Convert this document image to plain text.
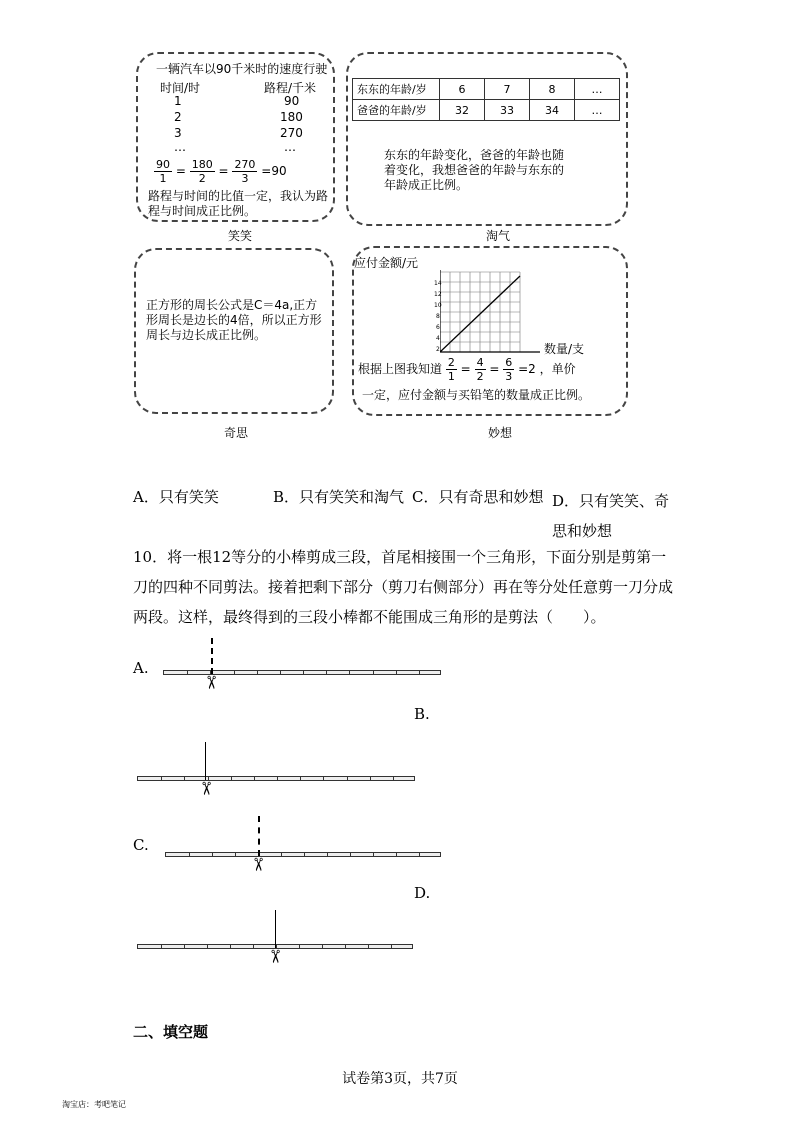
一辆汽车以90千米时的速度行驶
时间/时	路程/千米
1	90
2	180
3	270
…	…
$\frac{90}{1} = \frac{180}{2} = \frac{270}{3} =90$
路程与时间的比值一定，我认为路程与时间成正比例。
笑笑
东东的年龄/岁	6	7	8	…
爸爸的年龄/岁	32	33	34	…
东东的年龄变化，爸爸的年龄也随着变化，我想爸爸的年龄与东东的年龄成正比例。
淘气
正方形的周长公式是C＝4a,正方形周长是边长的4倍，所以正方形周长与边长成正比例。
奇思
应付金额/元
14
12
10
8
6
4
2	数量/支
根据上图我知道 $\frac{2}{1} = \frac{4}{2} = \frac{6}{3} =2$ ，单价
一定，应付金额与买铅笔的数量成正比例。
妙想
A．只有笑笑	B．只有笑笑和淘气 C．只有奇思和妙想 D．只有笑笑、奇思和妙想
10．将一根12等分的小棒剪成三段，首尾相接围一个三角形，下面分别是剪第一刀的四种不同剪法。接着把剩下部分（剪刀右侧部分）再在等分处任意剪一刀分成两段。这样，最终得到的三段小棒都不能围成三角形的是剪法（　　）。
A.
✂
B.
✂
C.
✂
D.
✂
二、填空题
试卷第3页，共7页
淘宝店：考吧笔记
